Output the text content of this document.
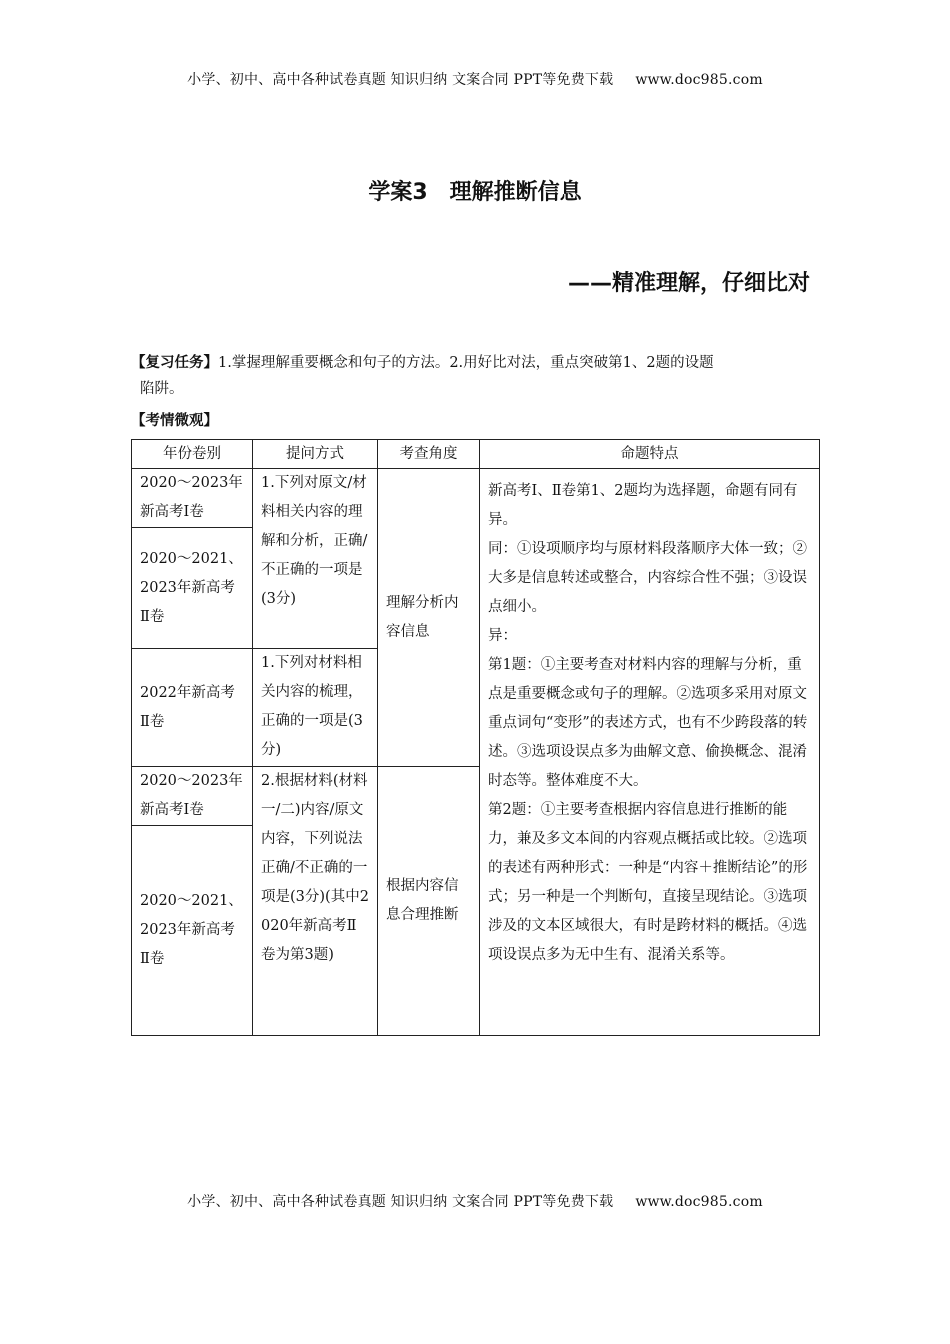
小学、初中、高中各种试卷真题 知识归纳 文案合同 PPT等免费下载 www.doc985.com
学案3 理解推断信息
——精准理解，仔细比对
【复习任务】1.掌握理解重要概念和句子的方法。2.用好比对法，重点突破第1、2题的设题
陷阱。
【考情微观】
年份卷别	提问方式	考查角度	命题特点
2020～2023年新高考Ⅰ卷	1.下列对原文/材料相关内容的理解和分析，正确/不正确的一项是(3分)	理解分析内容信息	新高考Ⅰ、Ⅱ卷第1、2题均为选择题，命题有同有异。
同：①设项顺序均与原材料段落顺序大体一致；②大多是信息转述或整合，内容综合性不强；③设误点细小。
异：
第1题：①主要考查对材料内容的理解与分析，重点是重要概念或句子的理解。②选项多采用对原文重点词句“变形”的表述方式，也有不少跨段落的转述。③选项设误点多为曲解文意、偷换概念、混淆时态等。整体难度不大。
第2题：①主要考查根据内容信息进行推断的能力，兼及多文本间的内容观点概括或比较。②选项的表述有两种形式：一种是“内容＋推断结论”的形式；另一种是一个判断句，直接呈现结论。③选项涉及的文本区域很大，有时是跨材料的概括。④选项设误点多为无中生有、混淆关系等。

2020～2021、2023年新高考Ⅱ卷			
2022年新高考Ⅱ卷	1.下列对材料相关内容的梳理，正确的一项是(3分)		
2020～2023年新高考Ⅰ卷	2.根据材料(材料一/二)内容/原文内容，下列说法正确/不正确的一项是(3分)(其中2020年新高考Ⅱ卷为第3题)	根据内容信息合理推断	
2020～2021、2023年新高考Ⅱ卷			
小学、初中、高中各种试卷真题 知识归纳 文案合同 PPT等免费下载 www.doc985.com
